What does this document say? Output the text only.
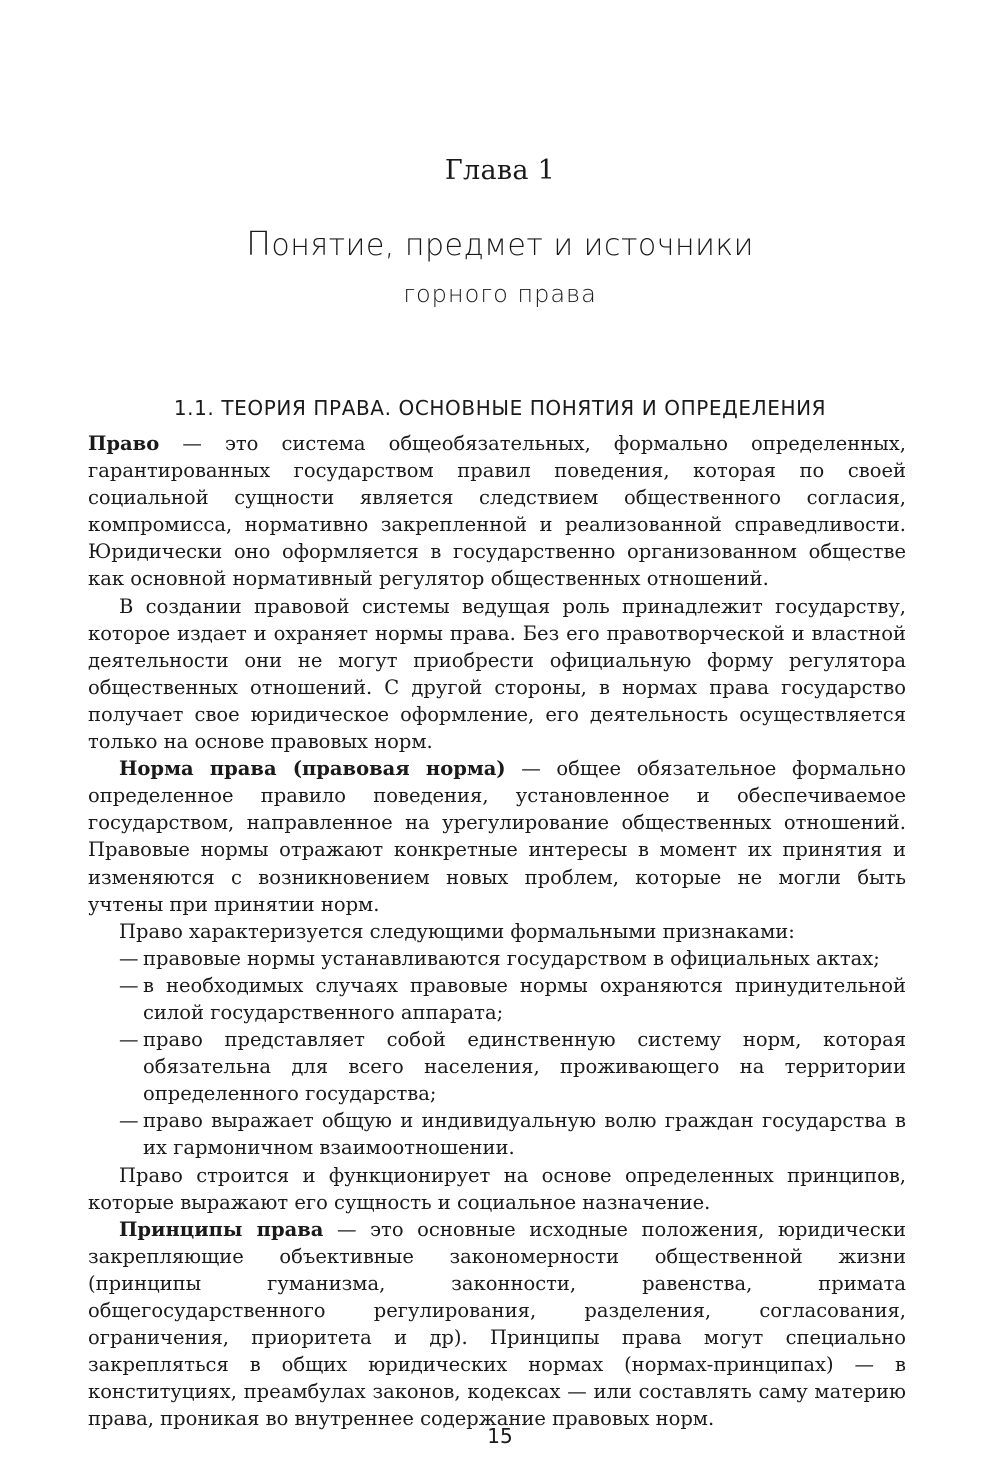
Глава 1
Понятие, предмет и источники
горного права
1.1. ТЕОРИЯ ПРАВА. ОСНОВНЫЕ ПОНЯТИЯ И ОПРЕДЕЛЕНИЯ

Право — это система общеобязательных, формально определенных, гарантированных государством правил поведения, которая по своей социальной сущности является следствием общественного согласия, компромисса, нормативно закрепленной и реализованной справедливости. Юридически оно оформляется в государственно организованном обществе как основной нормативный регулятор общественных отношений.

В создании правовой системы ведущая роль принадлежит государству, которое издает и охраняет нормы права. Без его правотворческой и властной деятельности они не могут приобрести официальную форму регулятора общественных отношений. С другой стороны, в нормах права государство получает свое юридическое оформление, его деятельность осуществляется только на основе правовых норм.

Норма права (правовая норма) — общее обязательное формально определенное правило поведения, установленное и обеспечиваемое государством, направленное на урегулирование общественных отношений. Правовые нормы отражают конкретные интересы в момент их принятия и изменяются с возникновением новых проблем, которые не могли быть учтены при принятии норм.

Право характеризуется следующими формальными признаками:

— правовые нормы устанавливаются государством в официальных актах;
— в необходимых случаях правовые нормы охраняются принудительной силой государственного аппарата;
— право представляет собой единственную систему норм, которая обязательна для всего населения, проживающего на территории определенного государства;
— право выражает общую и индивидуальную волю граждан государства в их гармоничном взаимоотношении.

Право строится и функционирует на основе определенных принципов, которые выражают его сущность и социальное назначение.

Принципы права — это основные исходные положения, юридически закрепляющие объективные закономерности общественной жизни (принципы гуманизма, законности, равенства, примата общегосударственного регулирования, разделения, согласования, ограничения, приоритета и др). Принципы права могут специально закрепляться в общих юридических нормах (нормах-принципах) — в конституциях, преамбулах законов, кодексах — или составлять саму материю права, проникая во внутреннее содержание правовых норм.

15
